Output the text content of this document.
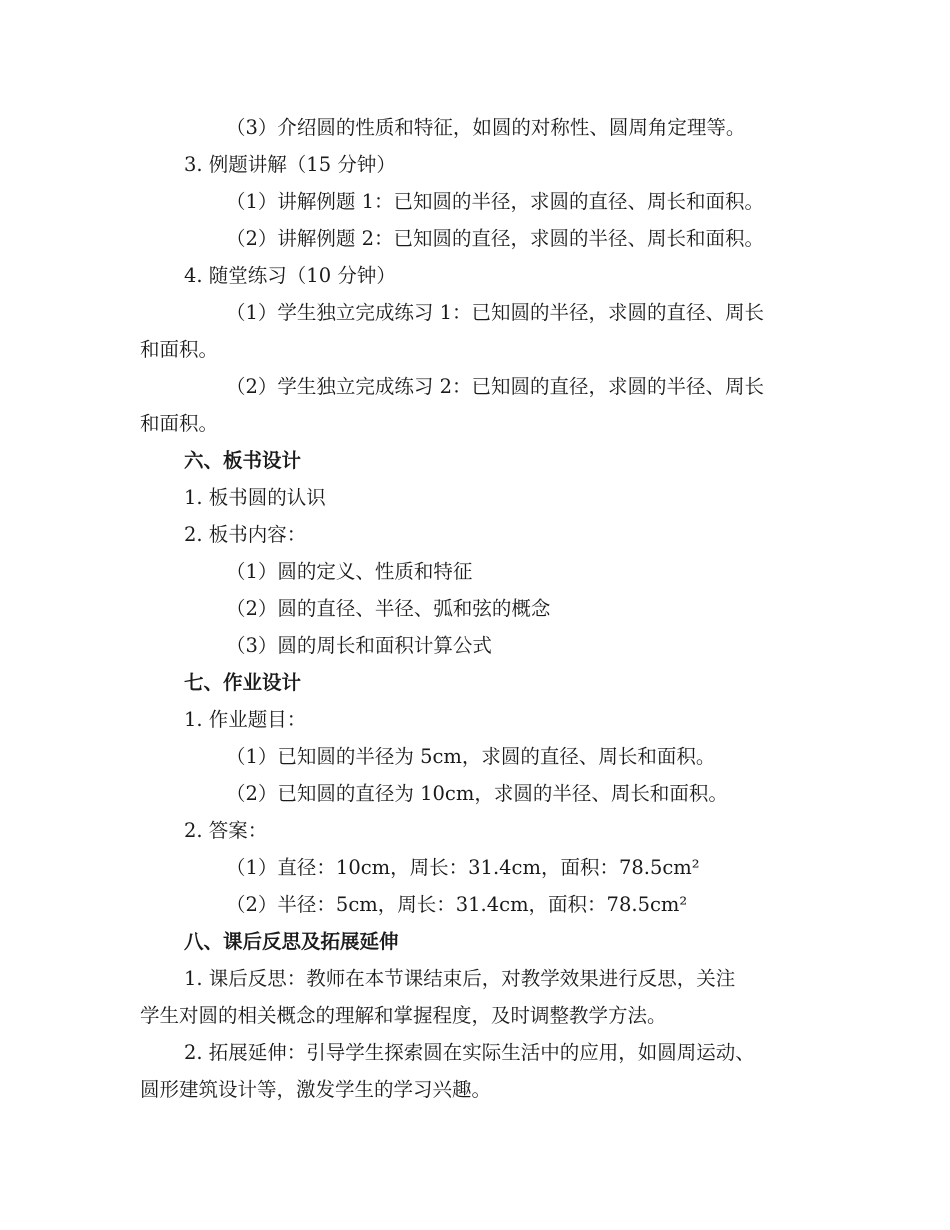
（3）介绍圆的性质和特征，如圆的对称性、圆周角定理等。
3. 例题讲解（15 分钟）
（1）讲解例题 1：已知圆的半径，求圆的直径、周长和面积。
（2）讲解例题 2：已知圆的直径，求圆的半径、周长和面积。
4. 随堂练习（10 分钟）
（1）学生独立完成练习 1：已知圆的半径，求圆的直径、周长
和面积。
（2）学生独立完成练习 2：已知圆的直径，求圆的半径、周长
和面积。
六、板书设计
1. 板书圆的认识
2. 板书内容：
（1）圆的定义、性质和特征
（2）圆的直径、半径、弧和弦的概念
（3）圆的周长和面积计算公式
七、作业设计
1. 作业题目：
（1）已知圆的半径为 5cm，求圆的直径、周长和面积。
（2）已知圆的直径为 10cm，求圆的半径、周长和面积。
2. 答案：
（1）直径：10cm，周长：31.4cm，面积：78.5cm²
（2）半径：5cm，周长：31.4cm，面积：78.5cm²
八、课后反思及拓展延伸
1. 课后反思：教师在本节课结束后，对教学效果进行反思，关注
学生对圆的相关概念的理解和掌握程度，及时调整教学方法。
2. 拓展延伸：引导学生探索圆在实际生活中的应用，如圆周运动、
圆形建筑设计等，激发学生的学习兴趣。
